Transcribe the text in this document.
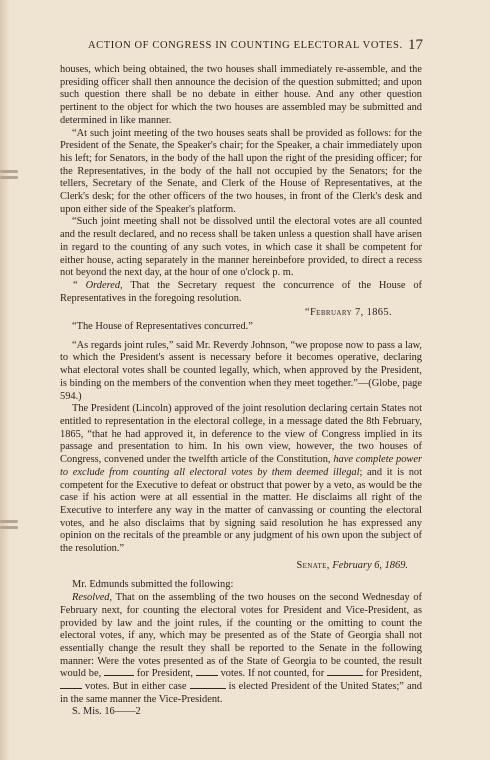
ACTION OF CONGRESS IN COUNTING ELECTORAL VOTES. 17

houses, which being obtained, the two houses shall immediately re-assemble, and the presiding officer shall then announce the decision of the question submitted; and upon such question there shall be no debate in either house. And any other question pertinent to the object for which the two houses are assembled may be submitted and determined in like manner.

“At such joint meeting of the two houses seats shall be provided as follows: for the President of the Senate, the Speaker's chair; for the Speaker, a chair immediately upon his left; for Senators, in the body of the hall upon the right of the presiding officer; for the Representatives, in the body of the hall not occupied by the Senators; for the tellers, Secretary of the Senate, and Clerk of the House of Representatives, at the Clerk's desk; for the other officers of the two houses, in front of the Clerk's desk and upon either side of the Speaker's platform.

“Such joint meeting shall not be dissolved until the electoral votes are all counted and the result declared, and no recess shall be taken unless a question shall have arisen in regard to the counting of any such votes, in which case it shall be competent for either house, acting separately in the manner hereinbefore provided, to direct a recess not beyond the next day, at the hour of one o'clock p. m.

“ Ordered, That the Secretary request the concurrence of the House of Representatives in the foregoing resolution.

“February 7, 1865.

“The House of Representatives concurred.”

“As regards joint rules,” said Mr. Reverdy Johnson, “we propose now to pass a law, to which the President's assent is necessary before it becomes operative, declaring what electoral votes shall be counted legally, which, when approved by the President, is binding on the members of the convention when they meet together.”—(Globe, page 594.)

The President (Lincoln) approved of the joint resolution declaring certain States not entitled to representation in the electoral college, in a message dated the 8th February, 1865, “that he had approved it, in deference to the view of Congress implied in its passage and presentation to him. In his own view, however, the two houses of Congress, convened under the twelfth article of the Constitution, have complete power to exclude from counting all electoral votes by them deemed illegal; and it is not competent for the Executive to defeat or obstruct that power by a veto, as would be the case if his action were at all essential in the matter. He disclaims all right of the Executive to interfere any way in the matter of canvassing or counting the electoral votes, and he also disclaims that by signing said resolution he has expressed any opinion on the recitals of the preamble or any judgment of his own upon the subject of the resolution.”

Senate, February 6, 1869.

Mr. Edmunds submitted the following:

Resolved, That on the assembling of the two houses on the second Wednesday of February next, for counting the electoral votes for President and Vice-President, as provided by law and the joint rules, if the counting or the omitting to count the electoral votes, if any, which may be presented as of the State of Georgia shall not essentially change the result they shall be reported to the Senate in the following manner: Were the votes presented as of the State of Georgia to be counted, the result would be,	for President,  votes. If not counted, for	for President,  votes. But in either case	is elected President of the United States;” and in the same manner the Vice-President.

S. Mis. 16——2
